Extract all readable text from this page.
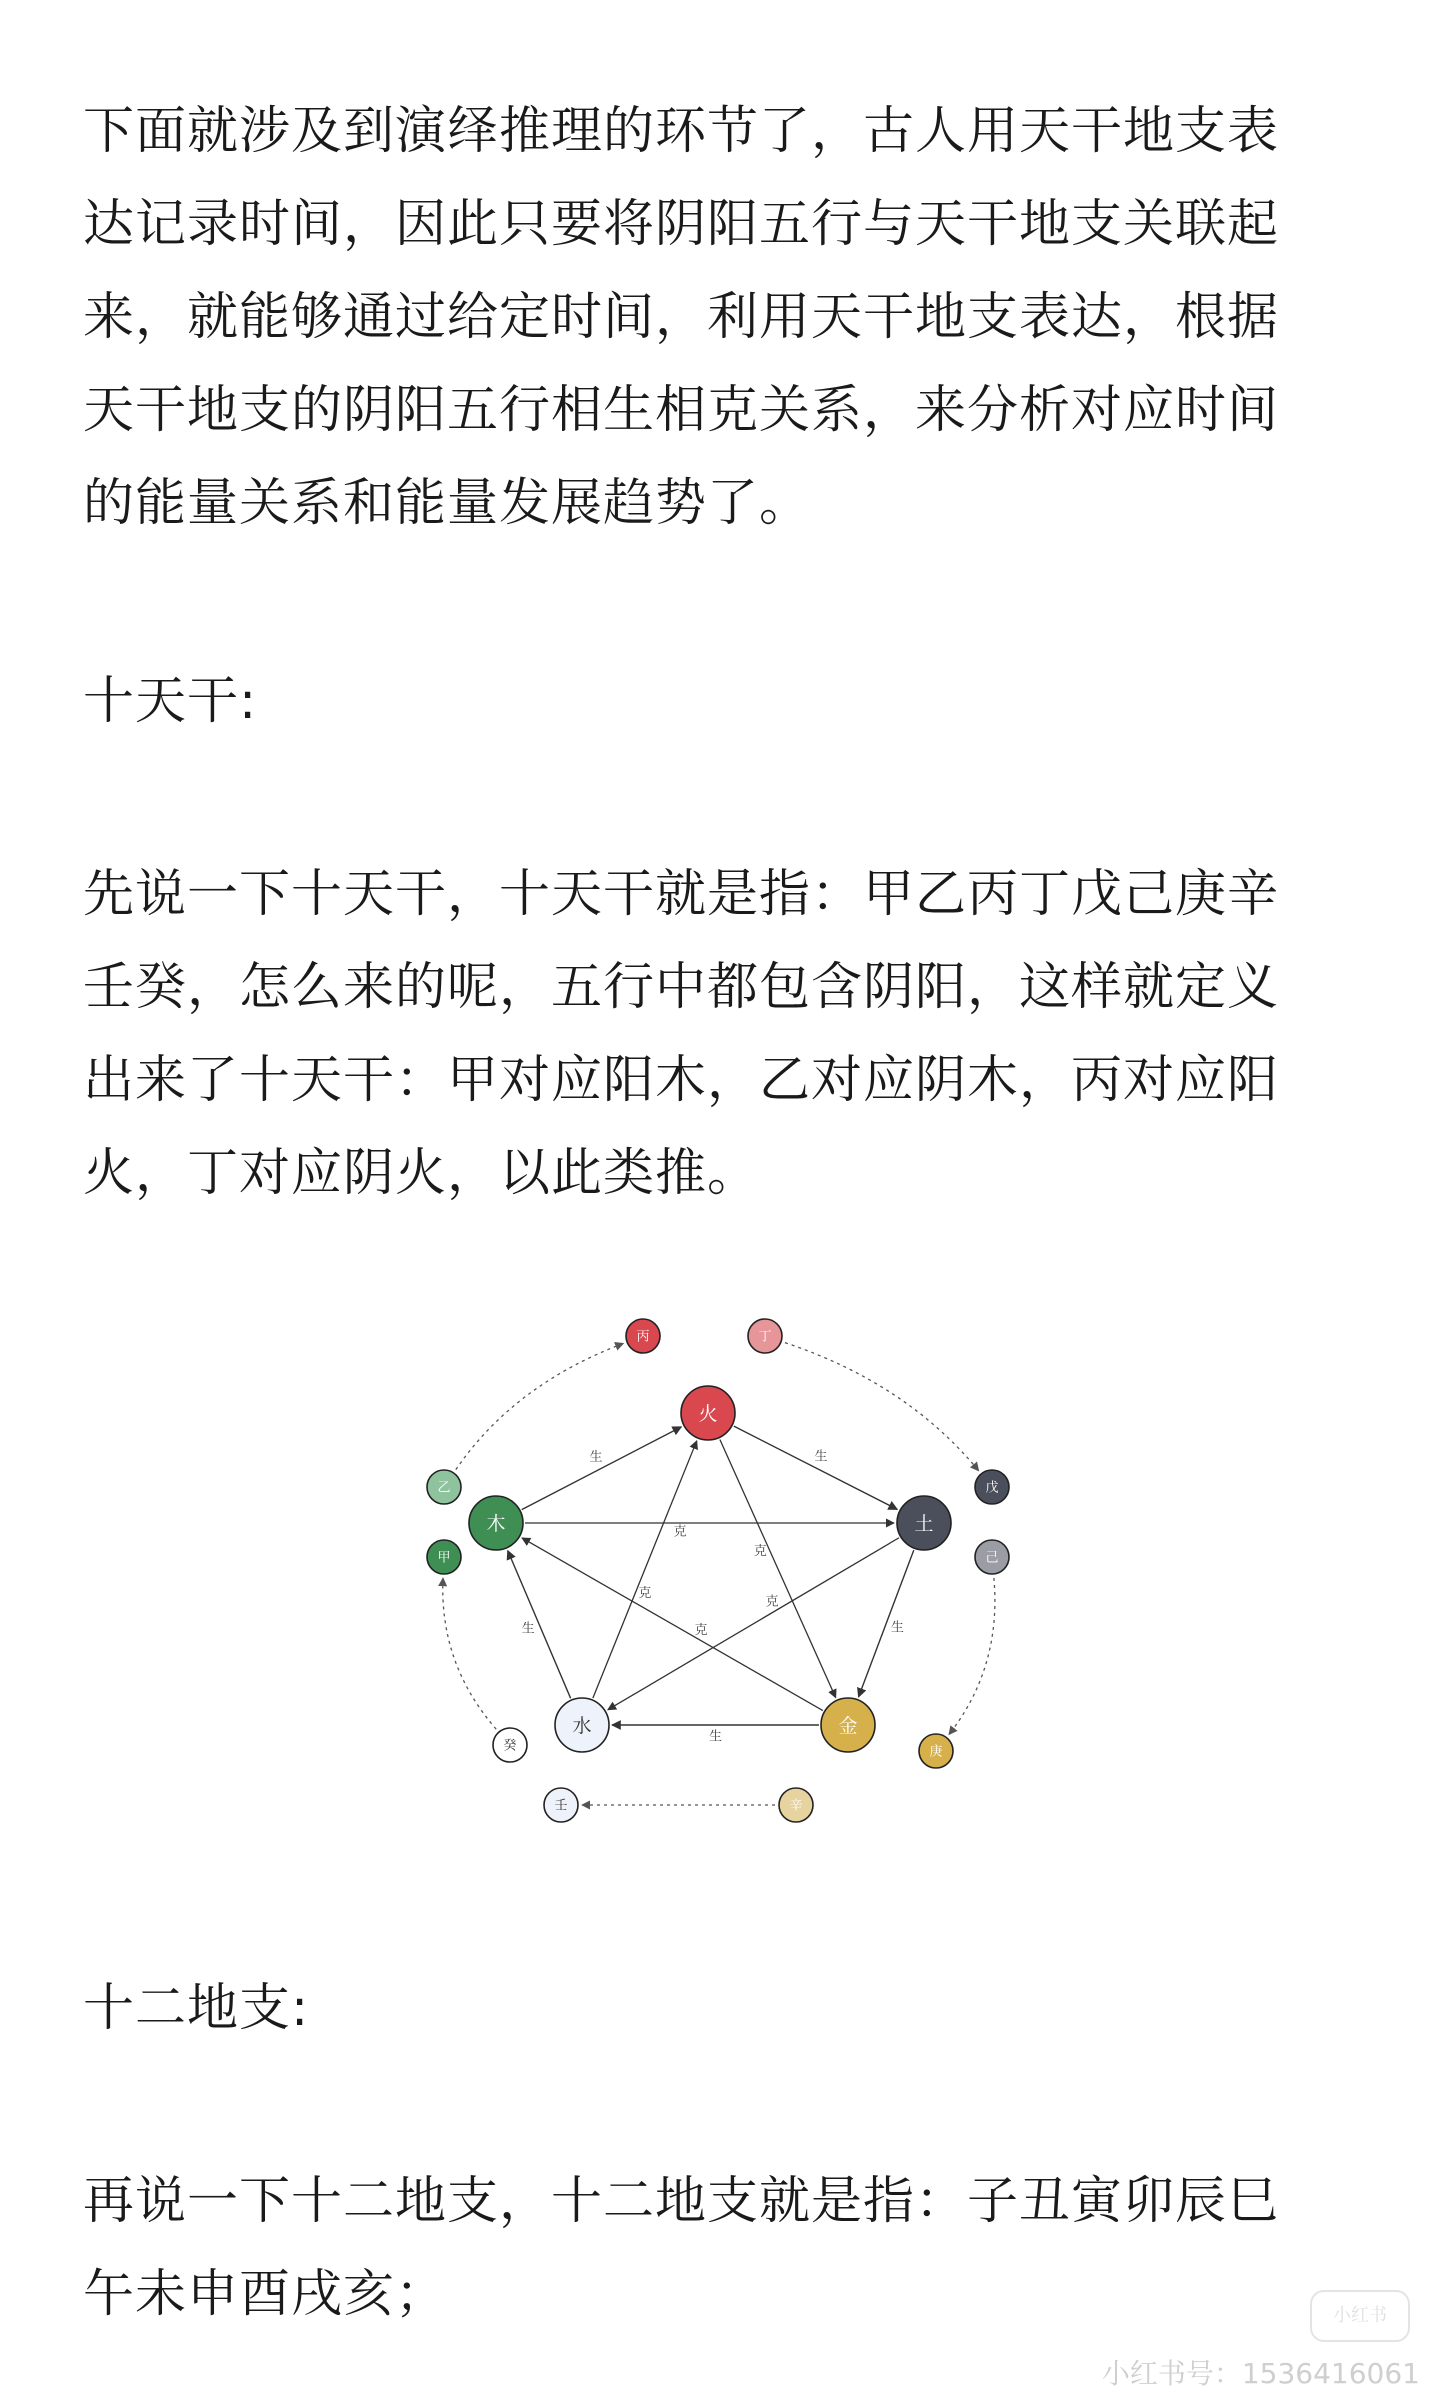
下面就涉及到演绎推理的环节了，古人用天干地支表
达记录时间，因此只要将阴阳五行与天干地支关联起
来，就能够通过给定时间，利用天干地支表达，根据
天干地支的阴阳五行相生相克关系，来分析对应时间
的能量关系和能量发展趋势了。
十天干:
先说一下十天干，十天干就是指：甲乙丙丁戊己庚辛
壬癸，怎么来的呢，五行中都包含阴阳，这样就定义
出来了十天干：甲对应阳木，乙对应阴木，丙对应阳
火，丁对应阴火，以此类推。
克
克
克
克
克
生	生
生
生
生
火
土
金
水
木
丙	丁
戊
己
庚
辛
壬
癸
甲
乙
十二地支:
再说一下十二地支，十二地支就是指：子丑寅卯辰巳
午未申酉戌亥；	小红书
小红书号：1536416061
